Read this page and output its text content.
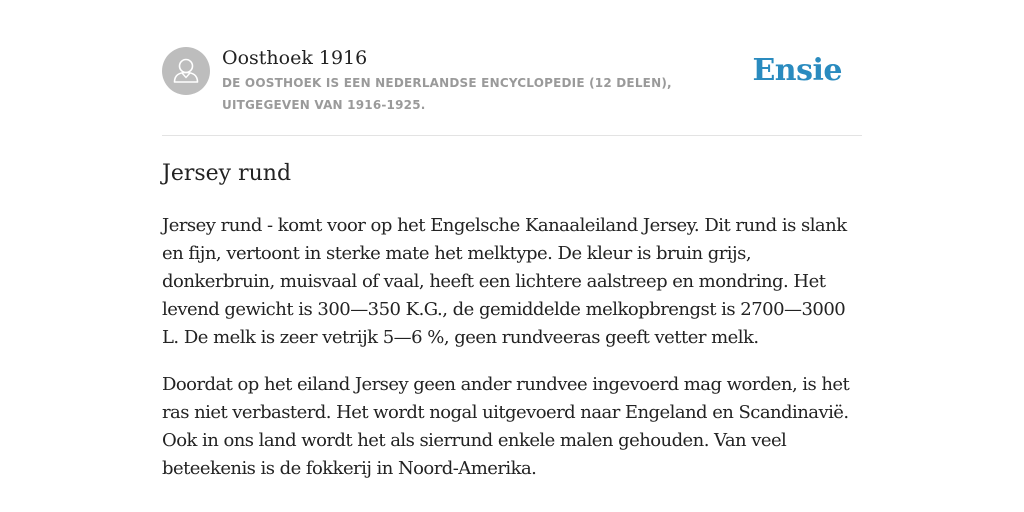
Oosthoek 1916
DE OOSTHOEK IS EEN NEDERLANDSE ENCYCLOPEDIE (12 DELEN), UITGEGEVEN VAN 1916-1925.
Ensie
Jersey rund

Jersey rund - komt voor op het Engelsche Kanaaleiland Jersey. Dit rund is slank en fijn, vertoont in sterke mate het melktype. De kleur is bruin grijs, donkerbruin, muisvaal of vaal, heeft een lichtere aalstreep en mondring. Het levend gewicht is 300—350 K.G., de gemiddelde melkopbrengst is 2700—3000 L. De melk is zeer vetrijk 5—6 %, geen rundveeras geeft vetter melk.

Doordat op het eiland Jersey geen ander rundvee ingevoerd mag worden, is het ras niet verbasterd. Het wordt nogal uitgevoerd naar Engeland en Scandinavië. Ook in ons land wordt het als sierrund enkele malen gehouden. Van veel beteekenis is de fokkerij in Noord-Amerika.
